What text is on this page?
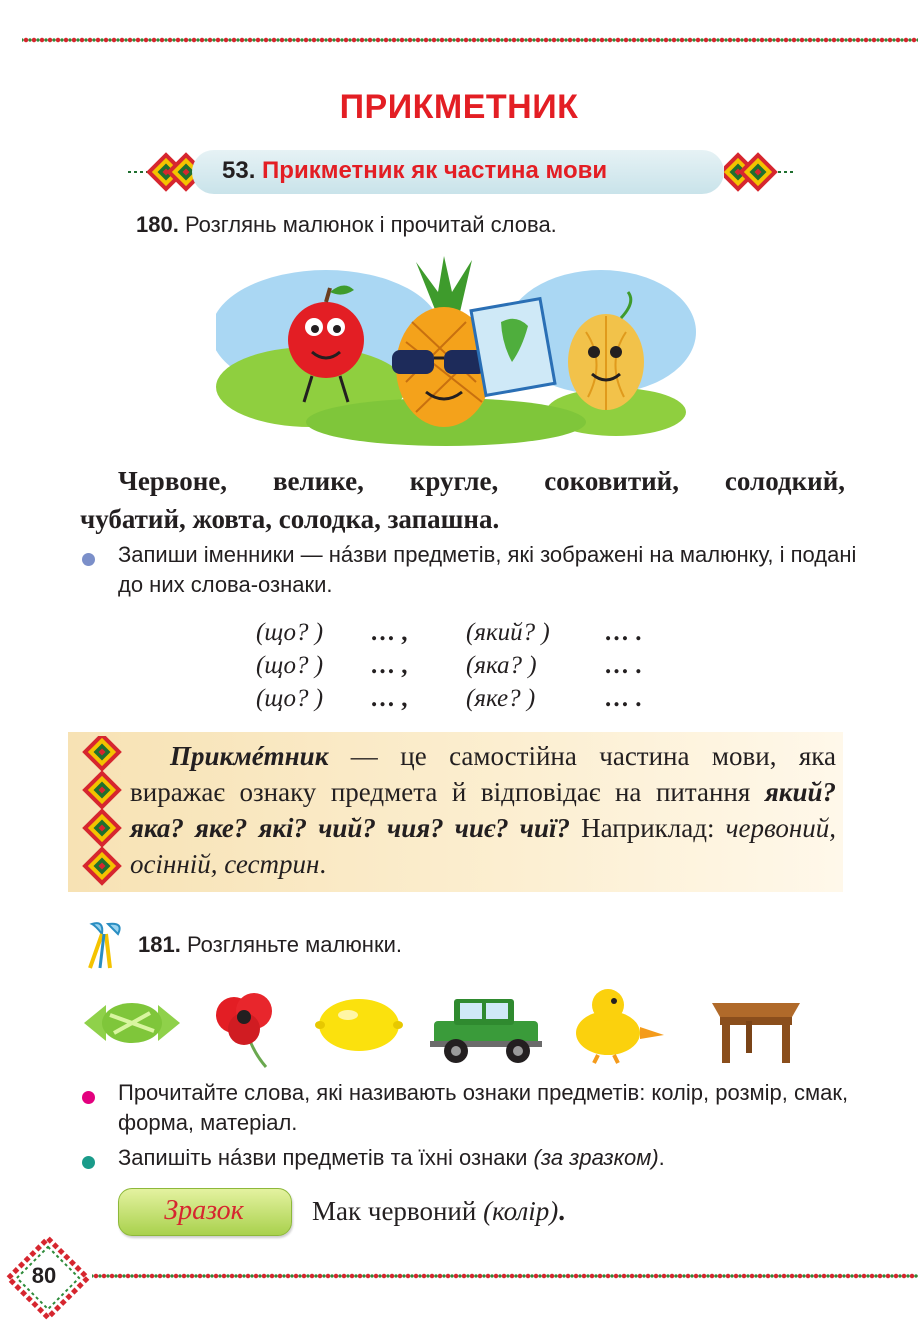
ПРИКМЕТНИК
53. Прикметник як частина мови
180. Розглянь малюнок і прочитай слова.
Червоне, велике, кругле, соковитий, солодкий,
чубатий, жовта, солодка, запашна.
Запиши іменники — нáзви предметів, які зображені на малюнку, і подані до них слова-ознаки.
(що? ) … , (який? ) … .
(що? ) … , (яка? )	… .
(що? ) … , (яке? )	… .
Прикмéтник — це самостійна частина мови, яка виражає ознаку предмета й відповідає на питання який? яка? яке? які? чий? чия? чиє? чиї? Наприклад: червоний, осінній, сестрин.
181. Розгляньте малюнки.
Прочитайте слова, які називають ознаки предметів: колір, розмір, смак, форма, матеріал.
Запишіть нáзви предметів та їхні ознаки (за зразком).
Зразок	Мак червоний (колір).
80
